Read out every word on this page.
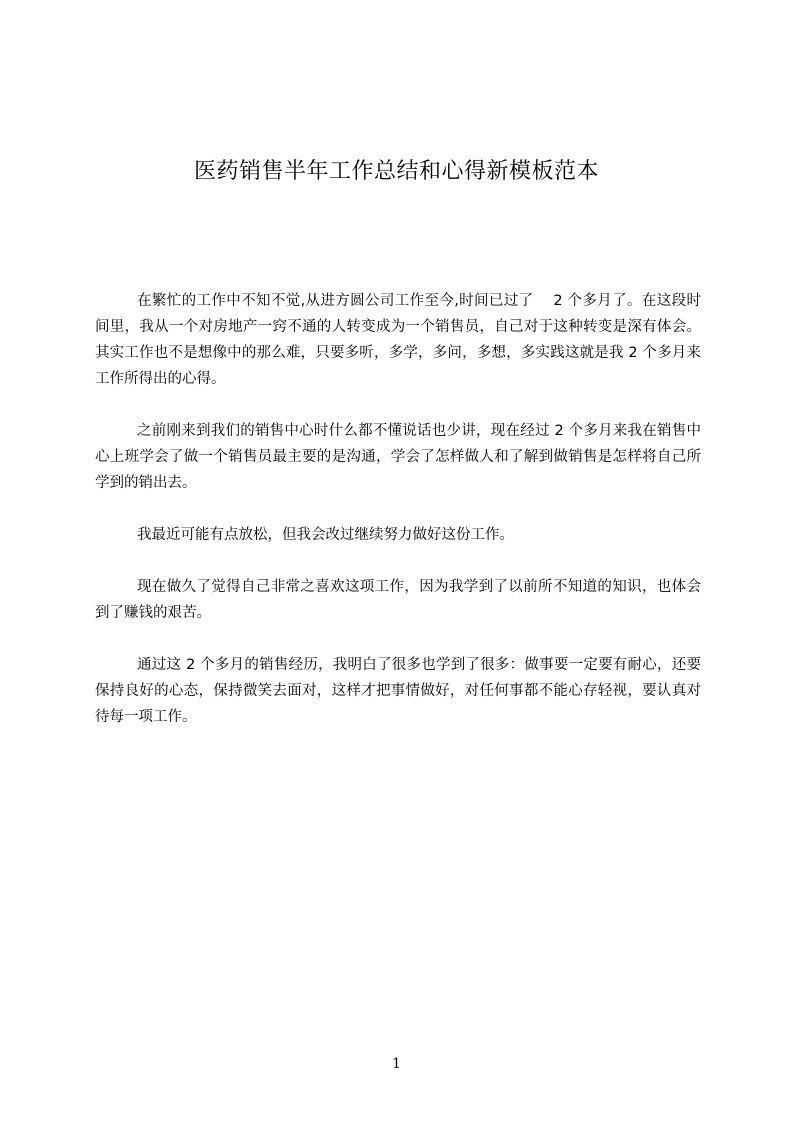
医药销售半年工作总结和心得新模板范本

在繁忙的工作中不知不觉,从进方圆公司工作至今,时间已过了　 2 个多月了。在这段时间里，我从一个对房地产一窍不通的人转变成为一个销售员，自己对于这种转变是深有体会。其实工作也不是想像中的那么难，只要多听，多学，多问，多想，多实践这就是我 2 个多月来工作所得出的心得。

之前刚来到我们的销售中心时什么都不懂说话也少讲，现在经过 2 个多月来我在销售中心上班学会了做一个销售员最主要的是沟通，学会了怎样做人和了解到做销售是怎样将自己所学到的销出去。

我最近可能有点放松，但我会改过继续努力做好这份工作。

现在做久了觉得自己非常之喜欢这项工作，因为我学到了以前所不知道的知识，也体会到了赚钱的艰苦。

通过这 2 个多月的销售经历，我明白了很多也学到了很多：做事要一定要有耐心，还要保持良好的心态，保持微笑去面对，这样才把事情做好，对任何事都不能心存轻视，要认真对待每一项工作。

1
